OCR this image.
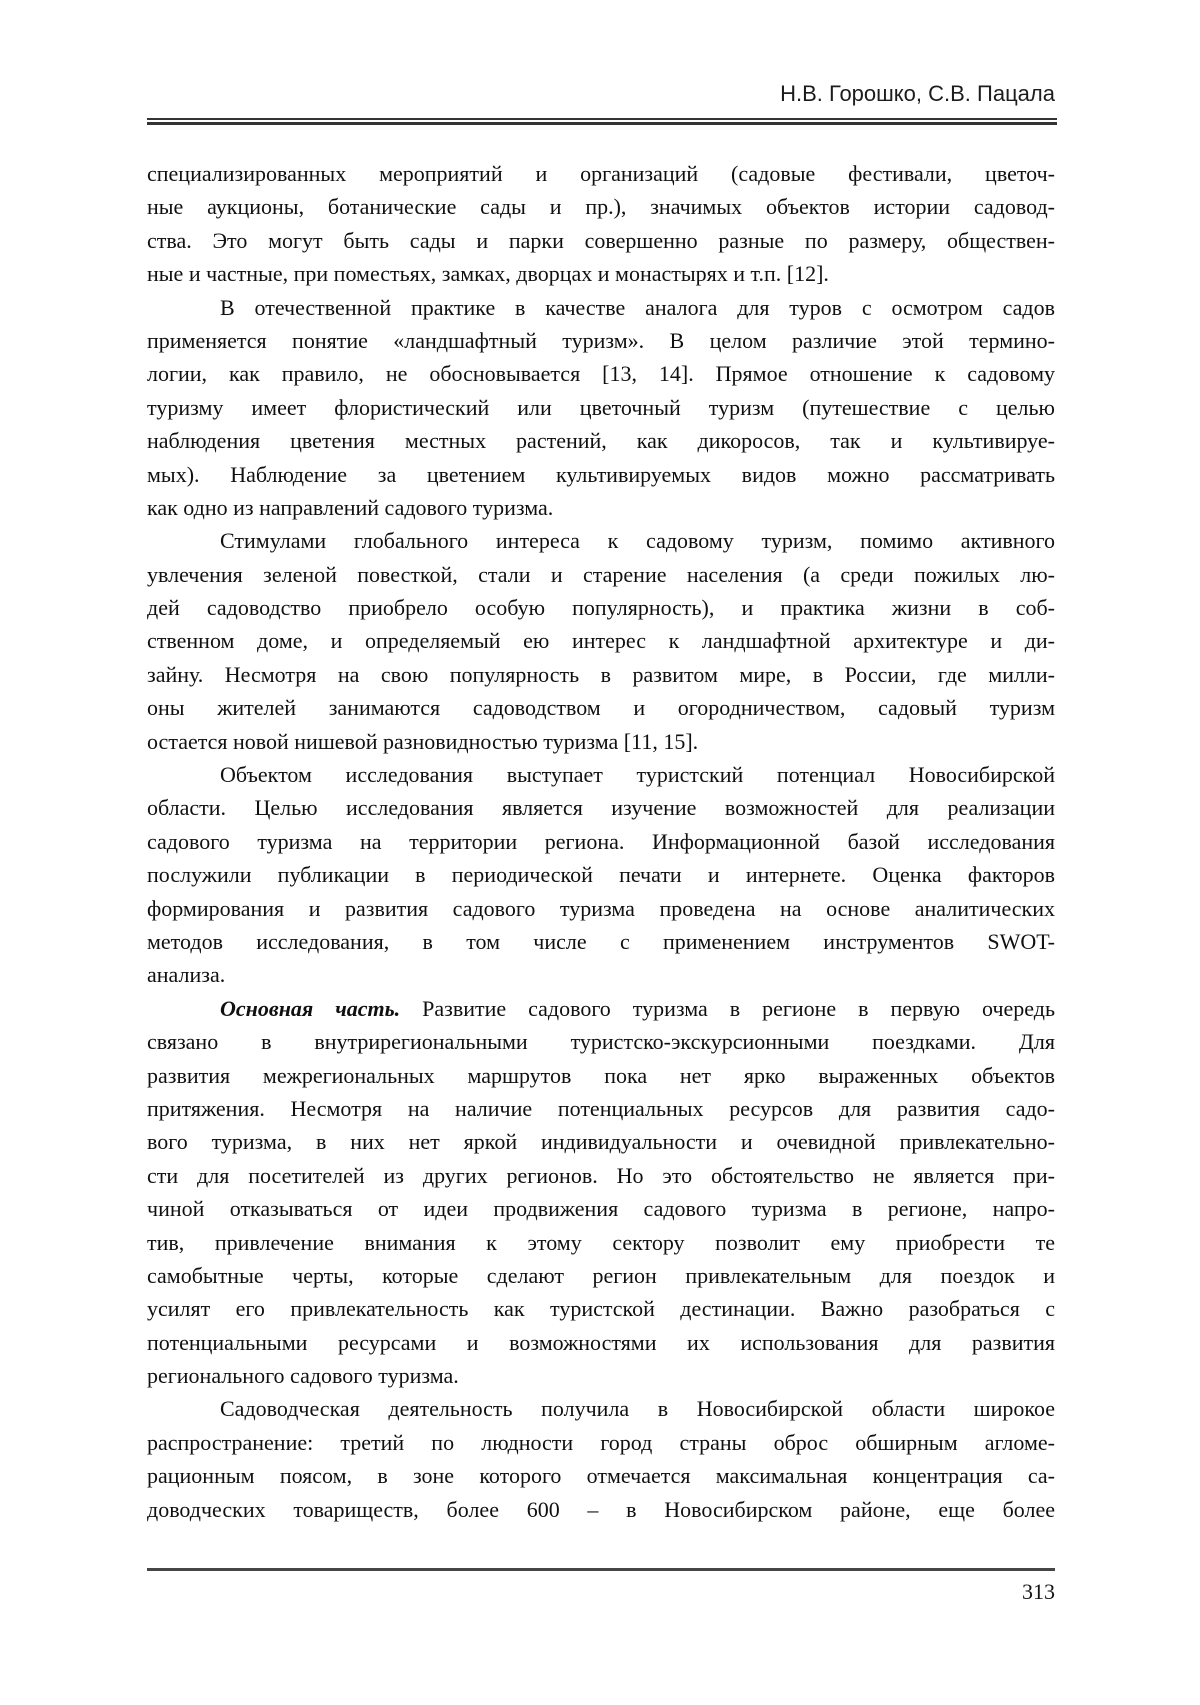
Н.В. Горошко, С.В. Пацала
специализированных мероприятий и организаций (садовые фестивали, цветоч-
ные аукционы, ботанические сады и пр.), значимых объектов истории садовод-
ства. Это могут быть сады и парки совершенно разные по размеру, обществен-
ные и частные, при поместьях, замках, дворцах и монастырях и т.п. [12].
В отечественной практике в качестве аналога для туров с осмотром садов
применяется понятие «ландшафтный туризм». В целом различие этой термино-
логии, как правило, не обосновывается [13, 14]. Прямое отношение к садовому
туризму имеет флористический или цветочный туризм (путешествие с целью
наблюдения цветения местных растений, как дикоросов, так и культивируе-
мых). Наблюдение за цветением культивируемых видов можно рассматривать
как одно из направлений садового туризма.
Стимулами глобального интереса к садовому туризм, помимо активного
увлечения зеленой повесткой, стали и старение населения (а среди пожилых лю-
дей садоводство приобрело особую популярность), и практика жизни в соб-
ственном доме, и определяемый ею интерес к ландшафтной архитектуре и ди-
зайну. Несмотря на свою популярность в развитом мире, в России, где милли-
оны жителей занимаются садоводством и огородничеством, садовый туризм
остается новой нишевой разновидностью туризма [11, 15].
Объектом исследования выступает туристский потенциал Новосибирской
области. Целью исследования является изучение возможностей для реализации
садового туризма на территории региона. Информационной базой исследования
послужили публикации в периодической печати и интернете. Оценка факторов
формирования и развития садового туризма проведена на основе аналитических
методов исследования, в том числе с применением инструментов SWOT-
анализа.
Основная часть. Развитие садового туризма в регионе в первую очередь
связано в внутрирегиональными туристско-экскурсионными поездками. Для
развития межрегиональных маршрутов пока нет ярко выраженных объектов
притяжения. Несмотря на наличие потенциальных ресурсов для развития садо-
вого туризма, в них нет яркой индивидуальности и очевидной привлекательно-
сти для посетителей из других регионов. Но это обстоятельство не является при-
чиной отказываться от идеи продвижения садового туризма в регионе, напро-
тив, привлечение внимания к этому сектору позволит ему приобрести те
самобытные черты, которые сделают регион привлекательным для поездок и
усилят его привлекательность как туристской дестинации. Важно разобраться с
потенциальными ресурсами и возможностями их использования для развития
регионального садового туризма.
Садоводческая деятельность получила в Новосибирской области широкое
распространение: третий по людности город страны оброс обширным агломе-
рационным поясом, в зоне которого отмечается максимальная концентрация са-
доводческих товариществ, более 600 – в Новосибирском районе, еще более
313
